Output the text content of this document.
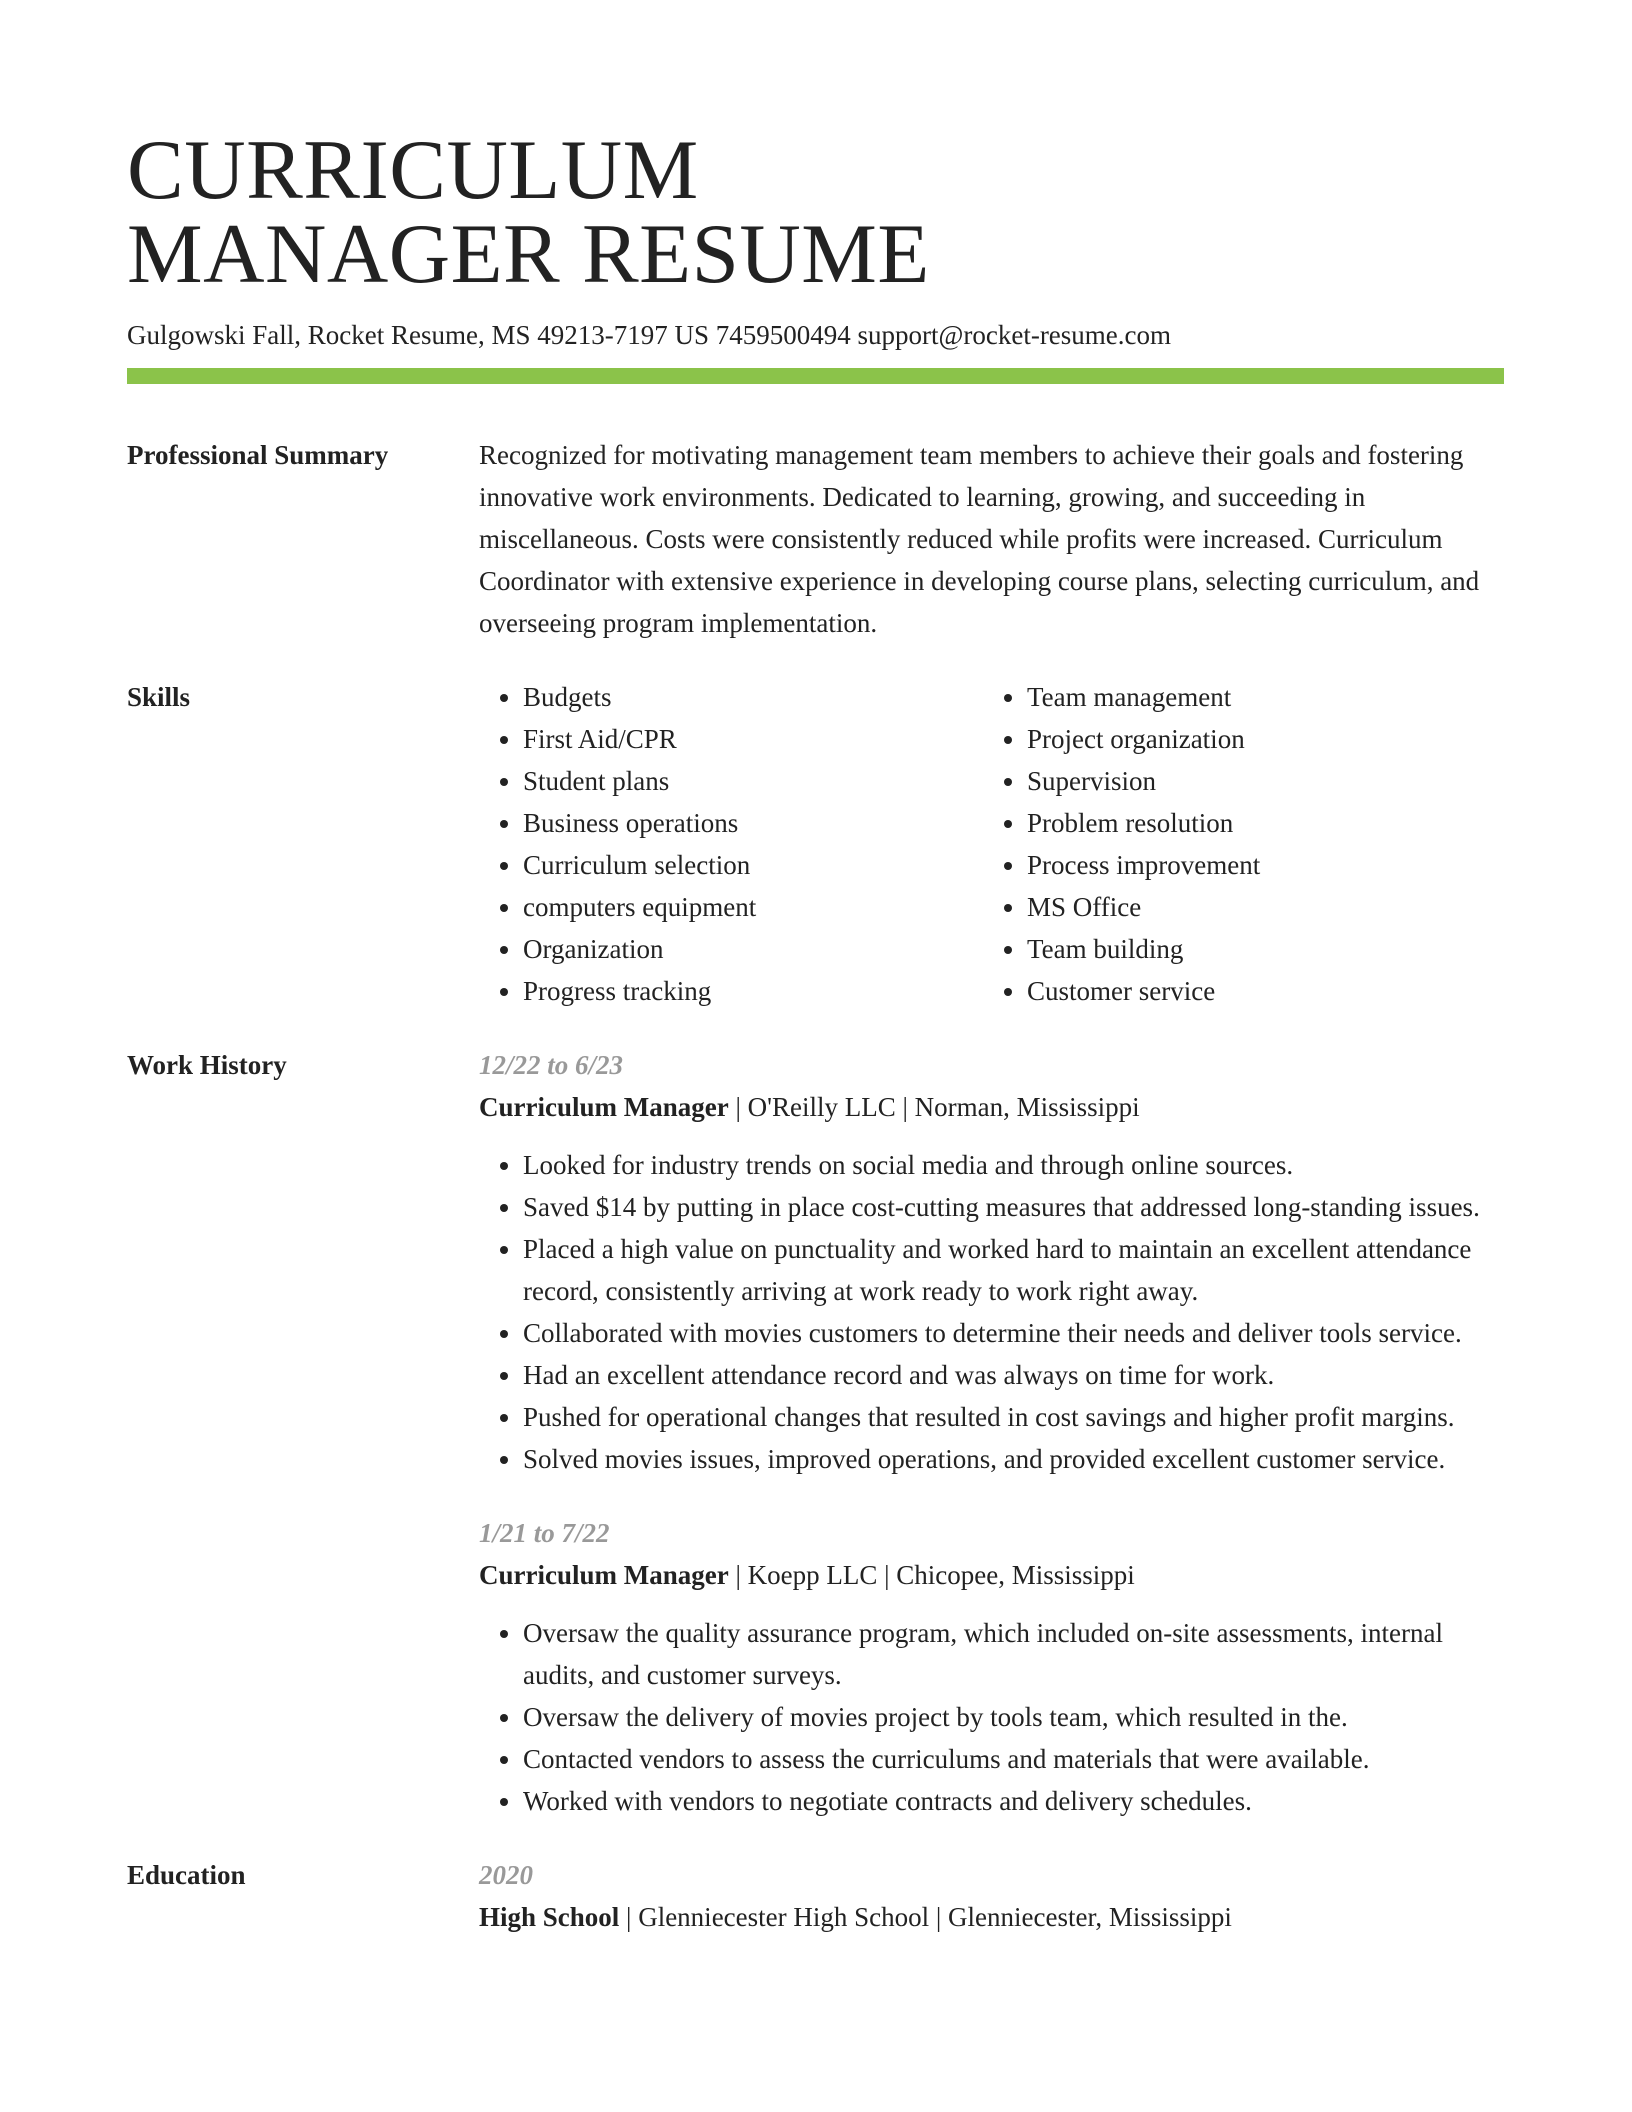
CURRICULUM
MANAGER RESUME
Gulgowski Fall, Rocket Resume, MS 49213-7197 US 7459500494 support@rocket-resume.com
Professional Summary	Recognized for motivating management team members to achieve their goals and fostering innovative work environments. Dedicated to learning, growing, and succeeding in miscellaneous. Costs were consistently reduced while profits were increased. Curriculum Coordinator with extensive experience in developing course plans, selecting curriculum, and overseeing program implementation.
Skills
•	Budgets
• First Aid/CPR
• Student plans
• Business operations
• Curriculum selection
• computers equipment
• Organization
• Progress tracking
• Team management
• Project organization
• Supervision
• Problem resolution
• Process improvement
• MS Office
• Team building
• Customer service
Work History	12/22 to 6/23
Curriculum Manager | O'Reilly LLC | Norman, Mississippi
• Looked for industry trends on social media and through online sources.
• Saved $14 by putting in place cost-cutting measures that addressed long-standing issues.
• Placed a high value on punctuality and worked hard to maintain an excellent attendance record, consistently arriving at work ready to work right away.
• Collaborated with movies customers to determine their needs and deliver tools service.
• Had an excellent attendance record and was always on time for work.
• Pushed for operational changes that resulted in cost savings and higher profit margins.
• Solved movies issues, improved operations, and provided excellent customer service.
1/21 to 7/22
Curriculum Manager | Koepp LLC | Chicopee, Mississippi
• Oversaw the quality assurance program, which included on-site assessments, internal audits, and customer surveys.
• Oversaw the delivery of movies project by tools team, which resulted in the.
• Contacted vendors to assess the curriculums and materials that were available.
• Worked with vendors to negotiate contracts and delivery schedules.
Education	2020
High School | Glenniecester High School | Glenniecester, Mississippi
